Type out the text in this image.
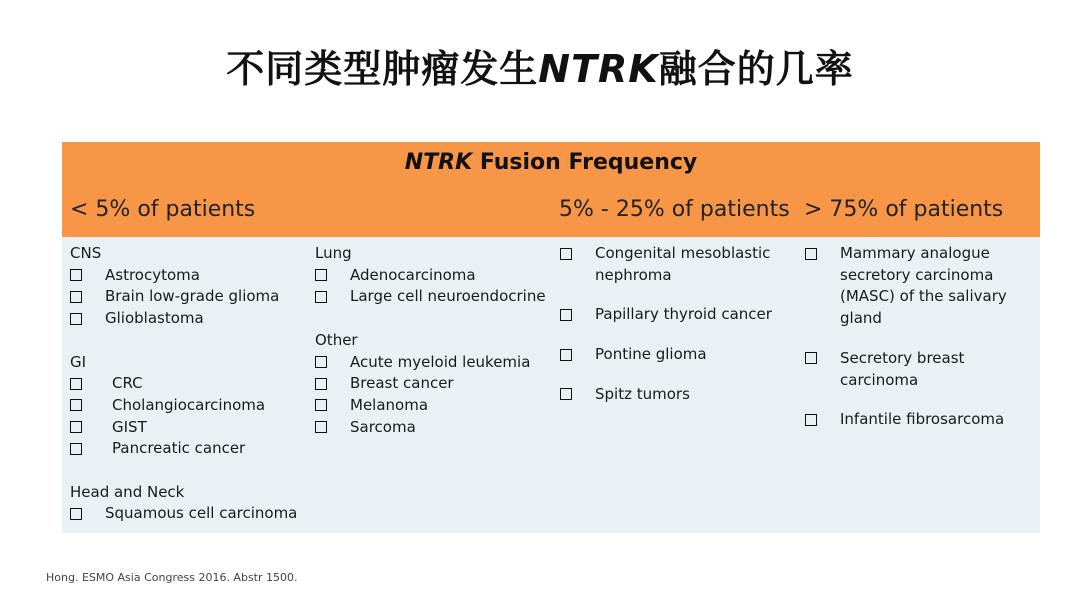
不同类型肿瘤发生NTRK融合的几率
NTRK Fusion Frequency
< 5% of patients	5% - 25% of patients > 75% of patients
CNS
Astrocytoma
Brain low-grade glioma
Glioblastoma
GI
CRC
Cholangiocarcinoma
GIST
Pancreatic cancer
Head and Neck
Squamous cell carcinoma
Lung
Adenocarcinoma
Large cell neuroendocrine
Other
Acute myeloid leukemia
Breast cancer
Melanoma
Sarcoma
Congenital mesoblastic nephroma
Papillary thyroid cancer
Pontine glioma
Spitz tumors
Mammary analogue secretory carcinoma (MASC) of the salivary gland
Secretory breast carcinoma
Infantile fibrosarcoma
Hong. ESMO Asia Congress 2016. Abstr 1500.
